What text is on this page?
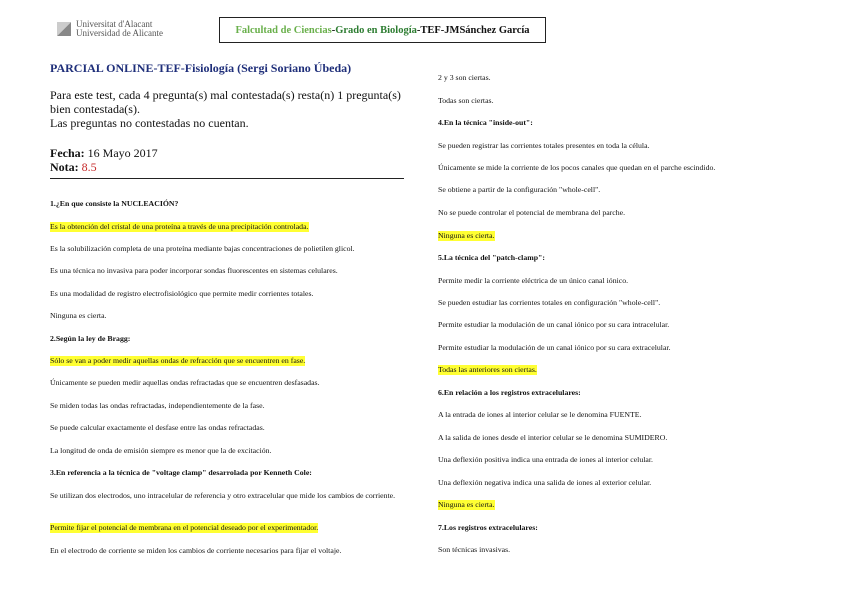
Universitat d'Alacant
Universidad de Alicante	Falcultad de Ciencias - Grado en Biología -TEF-JMSánchez García
PARCIAL ONLINE-TEF-Fisiología (Sergi Soriano Úbeda)
Para este test, cada 4 pregunta(s) mal contestada(s) resta(n) 1 pregunta(s) bien contestada(s).
Las preguntas no contestadas no cuentan.
Fecha: 16 Mayo 2017
Nota: 8.5
1.¿En que consiste la NUCLEACIÓN?
Es la obtención del cristal de una proteína a través de una precipitación controlada.
Es la solubilización completa de una proteína mediante bajas concentraciones de polietilen glicol.
Es una técnica no invasiva para poder incorporar sondas fluorescentes en sistemas celulares.
Es una modalidad de registro electrofisiológico que permite medir corrientes totales.
Ninguna es cierta.
2.Según la ley de Bragg:
Sólo se van a poder medir aquellas ondas de refracción que se encuentren en fase.
Únicamente se pueden medir aquellas ondas refractadas que se encuentren desfasadas.
Se miden todas las ondas refractadas, independientemente de la fase.
Se puede calcular exactamente el desfase entre las ondas refractadas.
La longitud de onda de emisión siempre es menor que la de excitación.
3.En referencia a la técnica de "voltage clamp" desarrolada por Kenneth Cole:
Se utilizan dos electrodos, uno intracelular de referencia y otro extracelular que mide los cambios de corriente.
Permite fijar el potencial de membrana en el potencial deseado por el experimentador.
En el electrodo de corriente se miden los cambios de corriente necesarios para fijar el voltaje.
2 y 3 son ciertas.
Todas son ciertas.
4.En la técnica "inside-out":
Se pueden registrar las corrientes totales presentes en toda la célula.
Únicamente se mide la corriente de los pocos canales que quedan en el parche escindido.
Se obtiene a partir de la configuración "whole-cell".
No se puede controlar el potencial de membrana del parche.
Ninguna es cierta.
5.La técnica del "patch-clamp":
Permite medir la corriente eléctrica de un único canal iónico.
Se pueden estudiar las corrientes totales en configuración "whole-cell".
Permite estudiar la modulación de un canal iónico por su cara intracelular.
Permite estudiar la modulación de un canal iónico por su cara extracelular.
Todas las anteriores son ciertas.
6.En relación a los registros extracelulares:
A la entrada de iones al interior celular se le denomina FUENTE.
A la salida de iones desde el interior celular se le denomina SUMIDERO.
Una deflexión positiva indica una entrada de iones al interior celular.
Una deflexión negativa indica una salida de iones al exterior celular.
Ninguna es cierta.
7.Los registros extracelulares:
Son técnicas invasivas.
